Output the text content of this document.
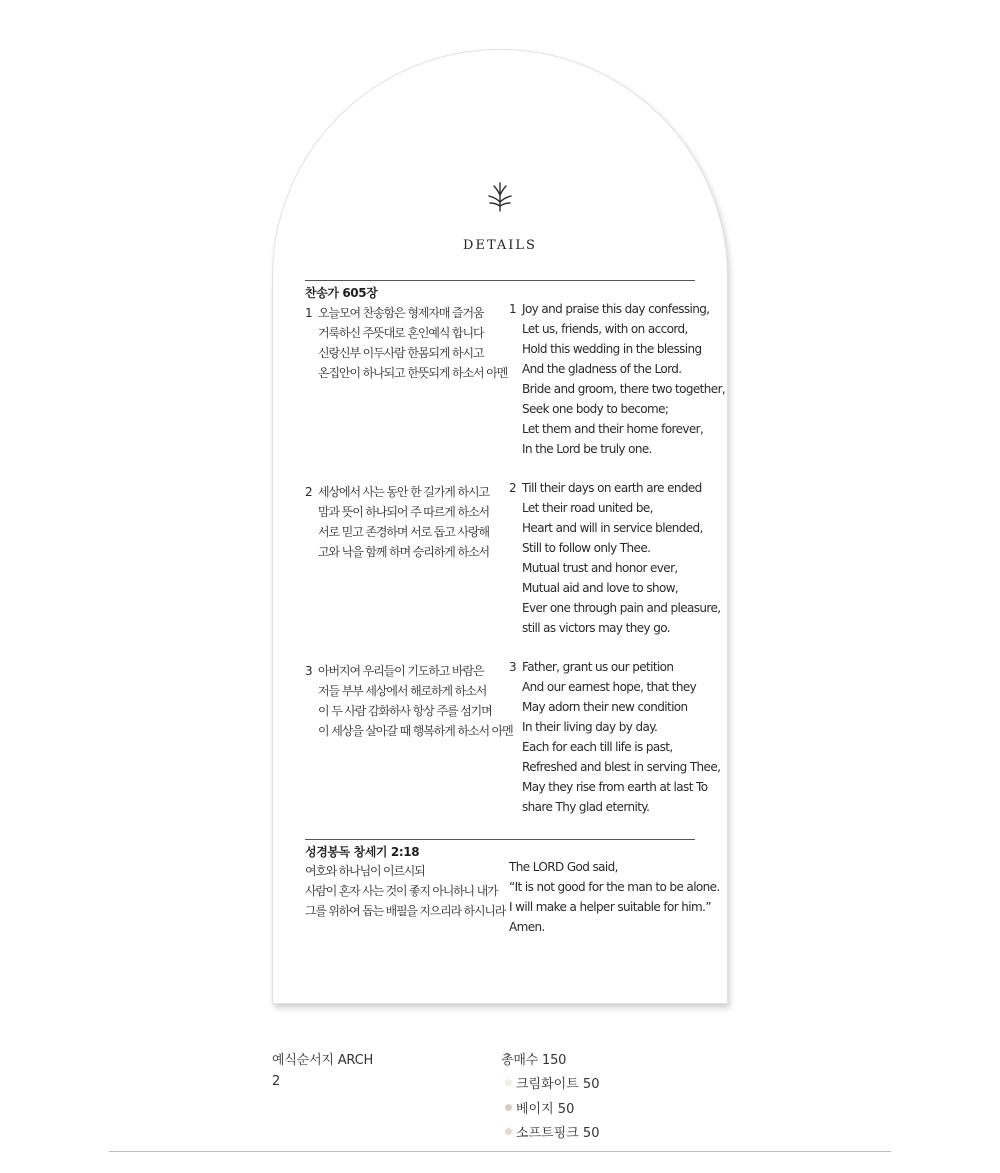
DETAILS
찬송가 605장
1 오늘모여 찬송함은 형제자매 즐거움
거룩하신 주뜻대로 혼인예식 합니다
신랑신부 이두사람 한몸되게 하시고
온집안이 하나되고 한뜻되게 하소서 아멘
1 Joy and praise this day confessing,
Let us, friends, with on accord,
Hold this wedding in the blessing
And the gladness of the Lord.
Bride and groom, there two together,
Seek one body to become;
Let them and their home forever,
In the Lord be truly one.
2 세상에서 사는 동안 한 길가게 하시고
맘과 뜻이 하나되어 주 따르게 하소서
서로 믿고 존경하며 서로 돕고 사랑해
고와 낙을 함께 하며 승리하게 하소서
2 Till their days on earth are ended
Let their road united be,
Heart and will in service blended,
Still to follow only Thee.
Mutual trust and honor ever,
Mutual aid and love to show,
Ever one through pain and pleasure,
still as victors may they go.
3 아버지여 우리들이 기도하고 바람은
저들 부부 세상에서 해로하게 하소서
이 두 사람 감화하사 항상 주를 섬기며
이 세상을 살아갈 때 행복하게 하소서 아멘
3 Father, grant us our petition
And our earnest hope, that they
May adorn their new condition
In their living day by day.
Each for each till life is past,
Refreshed and blest in serving Thee,
May they rise from earth at last To
share Thy glad eternity.
성경봉독 창세기 2:18
여호와 하나님이 이르시되
사람이 혼자 사는 것이 좋지 아니하니 내가
그를 위하여 돕는 배필을 지으리라 하시니라
The LORD God said,
“It is not good for the man to be alone.
I will make a helper suitable for him.”
Amen.
예식순서지 ARCH
2
총매수 150
크림화이트 50
베이지 50
소프트핑크 50
